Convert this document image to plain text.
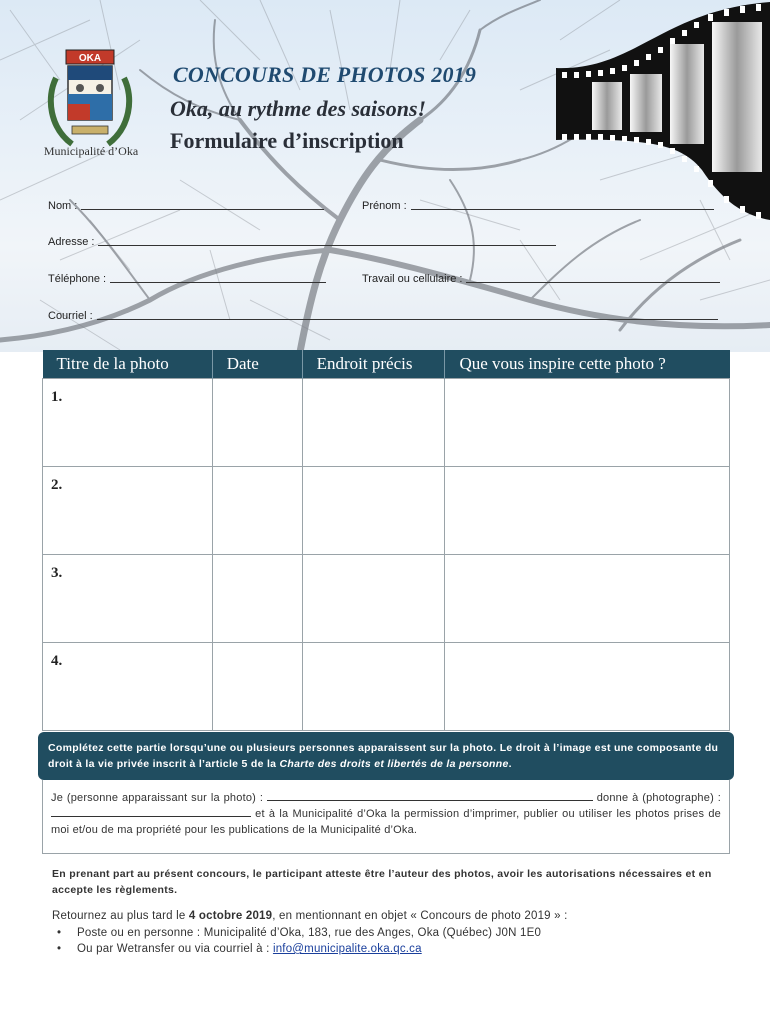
OKA
Municipalité d’Oka
CONCOURS DE PHOTOS 2019
Oka, au rythme des saisons!
Formulaire d’inscription
Nom :	Prénom :
Adresse :
Téléphone :	Travail ou cellulaire :
Courriel :
Titre de la photo	Date	Endroit précis	Que vous inspire cette photo ?
1.			
2.			
3.			
4.			
Complétez cette partie lorsqu’une ou plusieurs personnes apparaissent sur la photo. Le droit à l’image est une composante du droit à la vie privée inscrit à l’article 5 de la Charte des droits et libertés de la personne.
Je (personne apparaissant sur la photo) :	donne à (photographe) :  et à la Municipalité d’Oka la permission d’imprimer, publier ou utiliser les photos prises de moi et/ou de ma propriété pour les publications de la Municipalité d’Oka.
En prenant part au présent concours, le participant atteste être l’auteur des photos, avoir les autorisations nécessaires et en accepte les règlements.
Retournez au plus tard le 4 octobre 2019, en mentionnant en objet « Concours de photo 2019 » :
• Poste ou en personne : Municipalité d’Oka, 183, rue des Anges, Oka (Québec) J0N 1E0
• Ou par Wetransfer ou via courriel à : info@municipalite.oka.qc.ca
